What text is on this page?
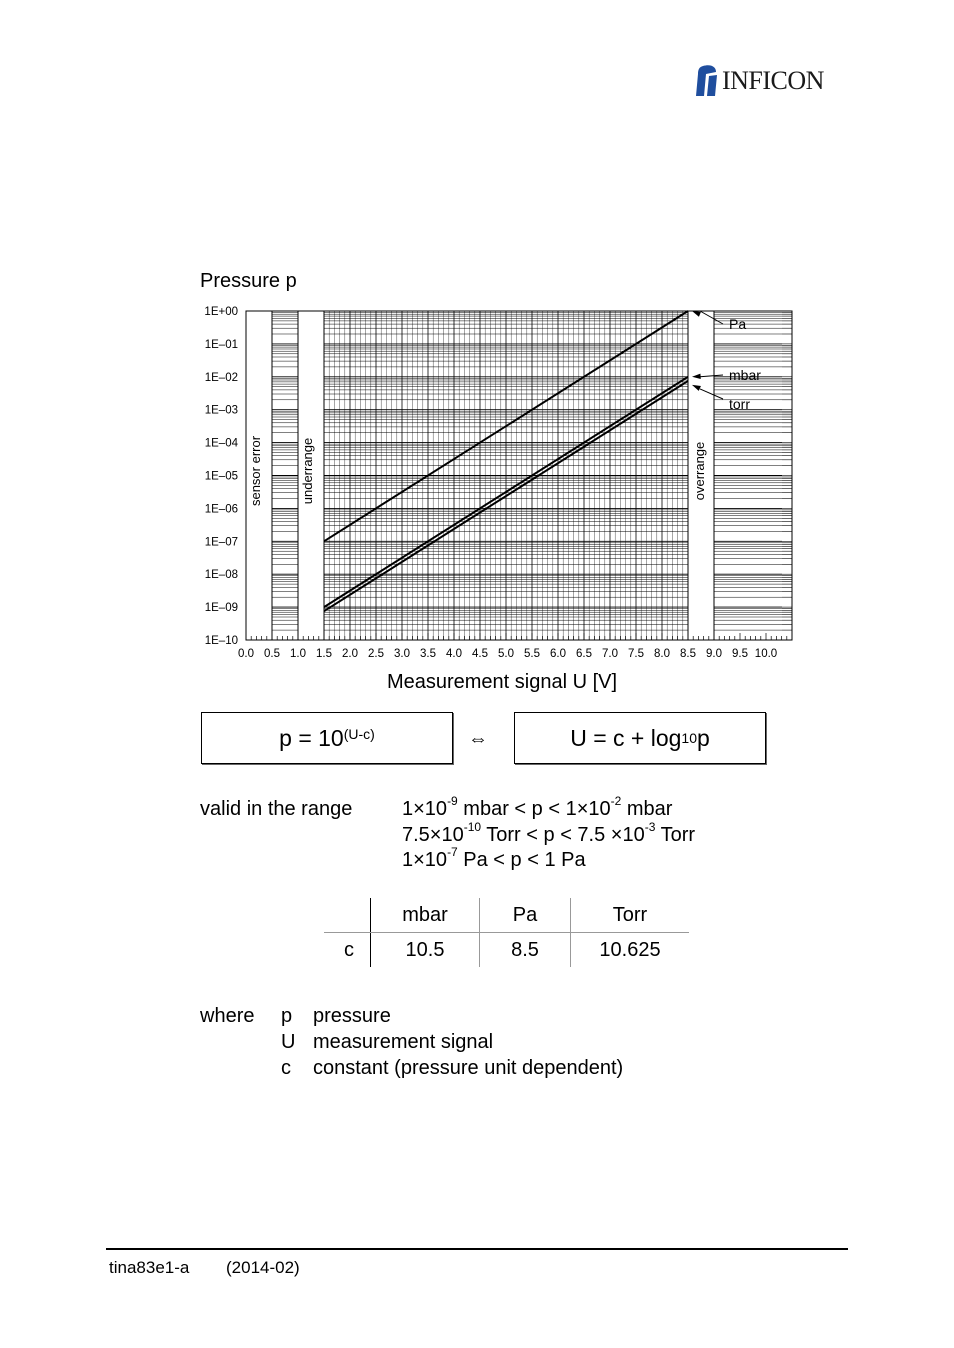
INFICON
Pressure p
0.0 0.5 1.0 1.5 2.0 2.5 3.0 3.5 4.0 4.5 5.0 5.5 6.0 6.5 7.0 7.5 8.0 8.5 9.0 9.5 10.0
1E+00
1E–01
1E–02
1E–03
1E–04
1E–05
1E–06
1E–07
1E–08
1E–09
1E–10
sensor error	underrange	overrange
Pa
mbar
torr
Measurement signal U [V]
$p = 10^{(U-c)}$	⇔	U = c + log 10 p
valid in the range $1\times 10^{-9}$ mbar < $p < 1\times 10^{-2}$ mbar
$7.5\times 10^{-10}$ Torr < $p < 7.5 \times 10^{-3}$ Torr
$1\times 10^{-7}$ Pa < p < 1 Pa
	mbar	Pa	Torr
c	10.5	8.5	10.625
where p pressure
U measurement signal
c constant (pressure unit dependent)
tina83e1-a (2014-02)
